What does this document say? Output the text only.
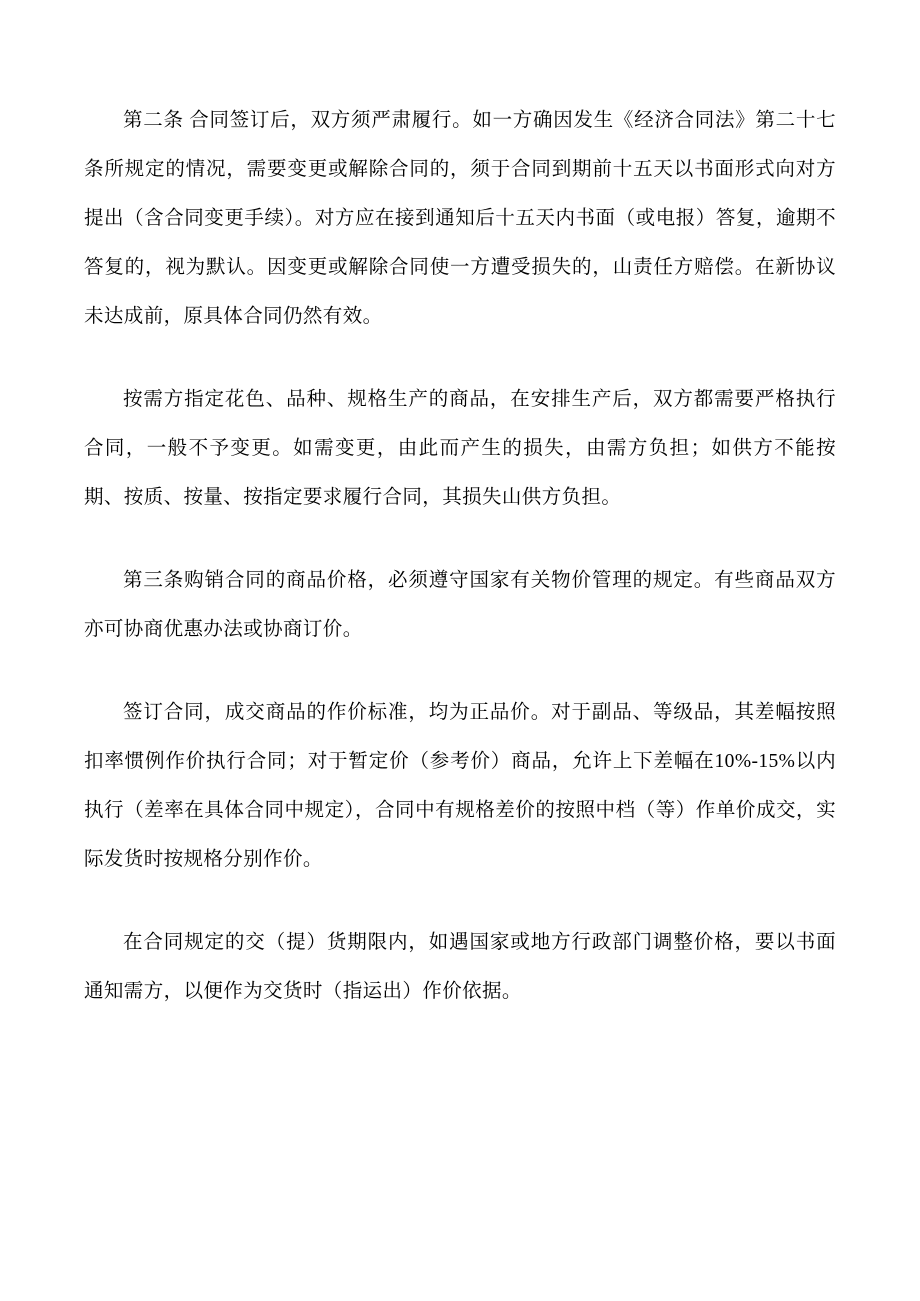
第二条 合同签订后，双方须严肃履行。如一方确因发生《经济合同法》第二十七条所规定的情况，需要变更或解除合同的，须于合同到期前十五天以书面形式向对方提出（含合同变更手续）。对方应在接到通知后十五天内书面（或电报）答复，逾期不答复的，视为默认。因变更或解除合同使一方遭受损失的，山责任方赔偿。在新协议未达成前，原具体合同仍然有效。

按需方指定花色、品种、规格生产的商品，在安排生产后，双方都需要严格执行合同，一般不予变更。如需变更，由此而产生的损失，由需方负担；如供方不能按期、按质、按量、按指定要求履行合同，其损失山供方负担。

第三条购销合同的商品价格，必须遵守国家有关物价管理的规定。有些商品双方亦可协商优惠办法或协商订价。

签订合同，成交商品的作价标准，均为正品价。对于副品、等级品，其差幅按照扣率惯例作价执行合同；对于暂定价（参考价）商品，允许上下差幅在10%-15%以内执行（差率在具体合同中规定），合同中有规格差价的按照中档（等）作单价成交，实际发货时按规格分别作价。

在合同规定的交（提）货期限内，如遇国家或地方行政部门调整价格，要以书面通知需方，以便作为交货时（指运出）作价依据。
